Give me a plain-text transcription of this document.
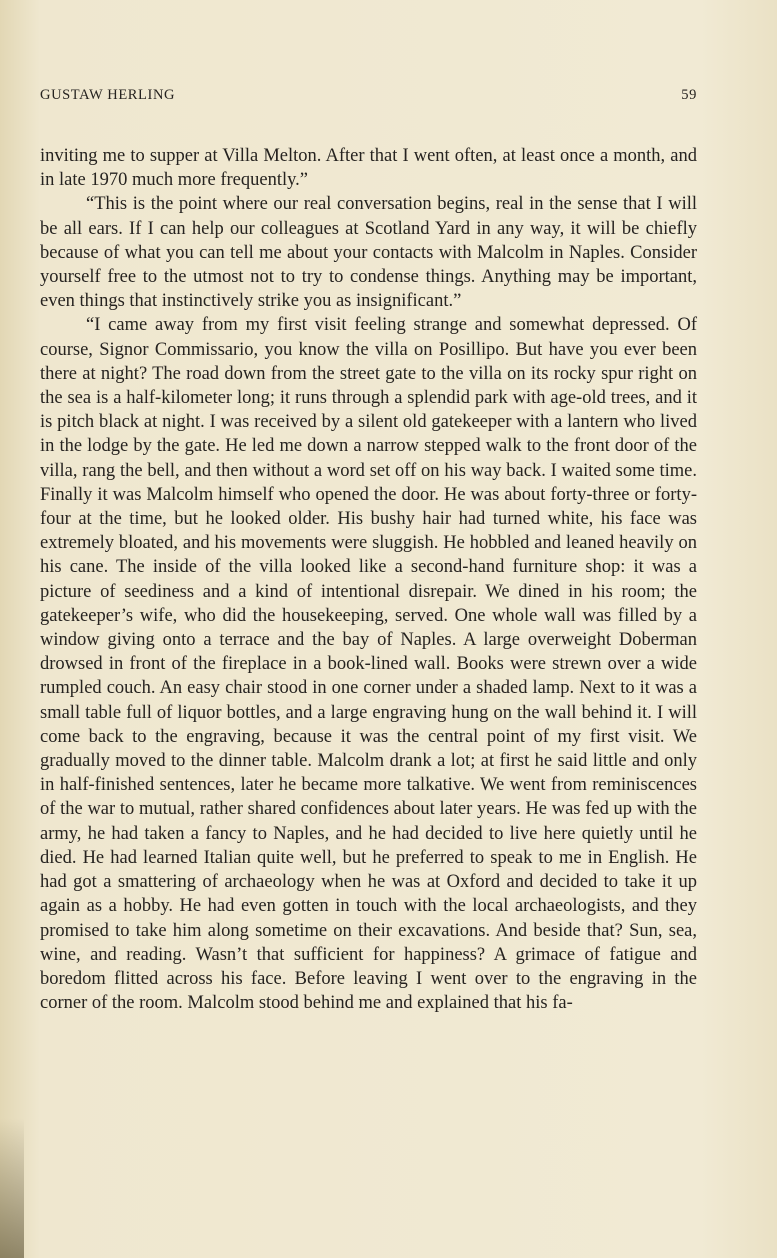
GUSTAW HERLING	59

inviting me to supper at Villa Melton. After that I went often, at least once a month, and in late 1970 much more frequently.”

“This is the point where our real conversation begins, real in the sense that I will be all ears. If I can help our colleagues at Scotland Yard in any way, it will be chiefly because of what you can tell me about your contacts with Malcolm in Naples. Consider yourself free to the utmost not to try to condense things. Anything may be important, even things that instinctively strike you as insignificant.”

“I came away from my first visit feeling strange and somewhat depressed. Of course, Signor Commissario, you know the villa on Posillipo. But have you ever been there at night? The road down from the street gate to the villa on its rocky spur right on the sea is a half-kilometer long; it runs through a splendid park with age-old trees, and it is pitch black at night. I was received by a silent old gatekeeper with a lantern who lived in the lodge by the gate. He led me down a narrow stepped walk to the front door of the villa, rang the bell, and then without a word set off on his way back. I waited some time. Finally it was Malcolm himself who opened the door. He was about forty-three or forty-four at the time, but he looked older. His bushy hair had turned white, his face was extremely bloated, and his movements were sluggish. He hobbled and leaned heavily on his cane. The inside of the villa looked like a second-hand furniture shop: it was a picture of seediness and a kind of intentional disrepair. We dined in his room; the gatekeeper’s wife, who did the housekeeping, served. One whole wall was filled by a window giving onto a terrace and the bay of Naples. A large overweight Doberman drowsed in front of the fireplace in a book-lined wall. Books were strewn over a wide rumpled couch. An easy chair stood in one corner under a shaded lamp. Next to it was a small table full of liquor bottles, and a large engraving hung on the wall behind it. I will come back to the engraving, because it was the central point of my first visit. We gradually moved to the dinner table. Malcolm drank a lot; at first he said little and only in half-finished sentences, later he became more talkative. We went from reminiscences of the war to mutual, rather shared confidences about later years. He was fed up with the army, he had taken a fancy to Naples, and he had decided to live here quietly until he died. He had learned Italian quite well, but he preferred to speak to me in English. He had got a smattering of archaeology when he was at Oxford and decided to take it up again as a hobby. He had even gotten in touch with the local archaeologists, and they promised to take him along sometime on their excavations. And beside that? Sun, sea, wine, and reading. Wasn’t that sufficient for happiness? A grimace of fatigue and boredom flitted across his face. Before leaving I went over to the engraving in the corner of the room. Malcolm stood behind me and explained that his fa-
